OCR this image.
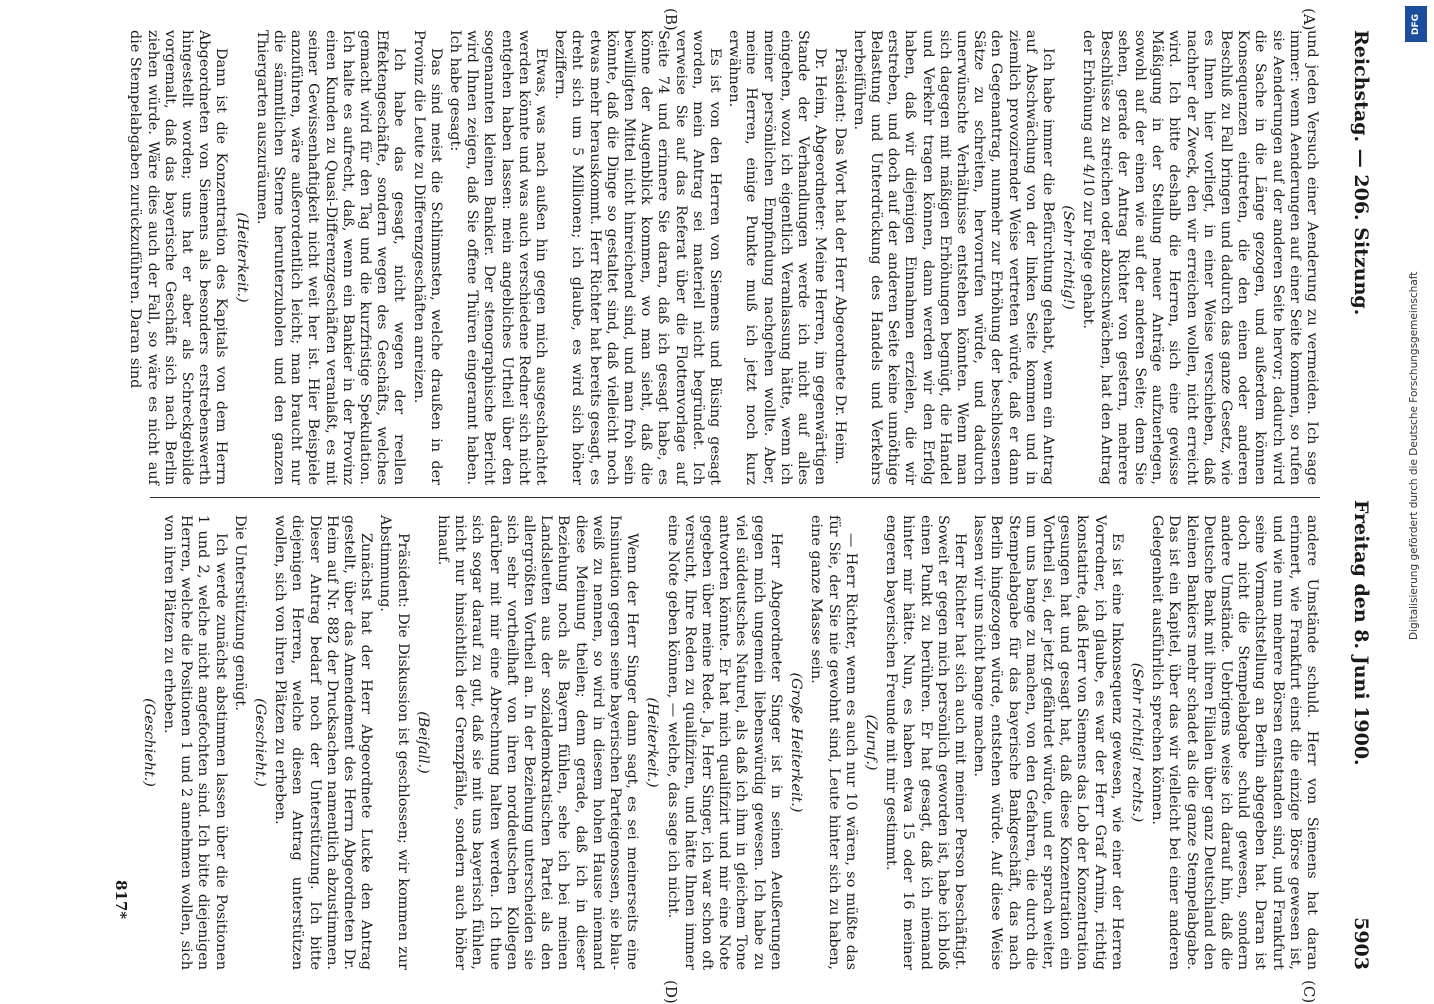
Reichstag. — 206. Sitzung.
Freitag den 8. Juni 1900.
5903
(A)
(B)
(C)
(D)

und jeden Versuch einer Aenderung zu vermeiden. Ich sage immer: wenn Aenderungen auf einer Seite kommen, so rufen sie Aenderungen auf der anderen Seite hervor; dadurch wird die Sache in die Länge gezogen, und außerdem können Konsequenzen eintreten, die den einen oder anderen Beschluß zu Fall bringen und dadurch das ganze Gesetz, wie es Ihnen hier vorliegt, in einer Weise verschieben, daß nachher der Zweck, den wir erreichen wollen, nicht erreicht wird. Ich bitte deshalb die Herren, sich eine gewisse Mäßigung in der Stellung neuer Anträge aufzuerlegen, sowohl auf der einen wie auf der anderen Seite; denn Sie sehen, gerade der Antrag Richter von gestern, mehrere Beschlüsse zu streichen oder abzuschwächen, hat den Antrag der Erhöhung auf 4/10 zur Folge gehabt.

(Sehr richtig!)

Ich habe immer die Befürchtung gehabt, wenn ein Antrag auf Abschwächung von der linken Seite kommen und in ziemlich provozirender Weise vertreten würde, daß er dann den Gegenantrag, nunmehr zur Erhöhung der beschlossenen Sätze zu schreiten, hervorrufen würde, und dadurch unerwünschte Verhältnisse entstehen könnten. Wenn man sich dagegen mit mäßigen Erhöhungen begnügt, die Handel und Verkehr tragen können, dann werden wir den Erfolg haben, daß wir diejenigen Einnahmen erzielen, die wir erstreben, und doch auf der anderen Seite keine unnöthige Belastung und Unterdrückung des Handels und Verkehrs herbeiführen.

Präsident: Das Wort hat der Herr Abgeordnete Dr. Heim.

Dr. Heim, Abgeordneter: Meine Herren, im gegenwärtigen Stande der Verhandlungen werde ich nicht auf alles eingehen, wozu ich eigentlich Veranlassung hätte, wenn ich meiner persönlichen Empfindung nachgehen wollte. Aber, meine Herren, einige Punkte muß ich jetzt noch kurz erwähnen.

Es ist von den Herren von Siemens und Büsing gesagt worden, mein Antrag sei materiell nicht begründet. Ich verweise Sie auf das Referat über die Flottenvorlage auf Seite 74 und erinnere Sie daran, daß ich gesagt habe, es könne der Augenblick kommen, wo man sieht, daß die bewilligten Mittel nicht hinreichend sind, und man froh sein könnte, daß die Dinge so gestaltet sind, daß vielleicht noch etwas mehr herauskommt. Herr Richter hat bereits gesagt, es dreht sich um 5 Millionen; ich glaube, es wird sich höher beziffern.

Etwas, was nach außen hin gegen mich ausgeschlachtet werden könnte und was auch verschiedene Redner sich nicht entgehen haben lassen: mein angebliches Urtheil über den sogenannten kleinen Bankier. Der stenographische Bericht wird Ihnen zeigen, daß Sie offene Thüren eingerannt haben. Ich habe gesagt:

Das sind meist die Schlimmsten, welche draußen in der Provinz die Leute zu Differenzgeschäften anreizen.

Ich habe das gesagt, nicht wegen der reellen Effektengeschäfte, sondern wegen des Geschäfts, welches gemacht wird für den Tag und die kurzfristige Spekulation. Ich halte es aufrecht, daß, wenn ein Bankier in der Provinz einen Kunden zu Quasi-Differenzgeschäften veranlaßt, es mit seiner Gewissenhaftigkeit nicht weit her ist. Hier Beispiele anzuführen, wäre außerordentlich leicht; man braucht nur die sämmtlichen Sterne herunterzuholen und den ganzen Thiergarten auszuräumen.

(Heiterkeit.)

Dann ist die Konzentration des Kapitals von dem Herrn Abgeordneten von Siemens als besonders erstrebenswerth hingestellt worden; uns hat er aber als Schreckgebilde vorgemalt, daß das bayerische Geschäft sich nach Berlin ziehen würde. Wäre dies auch der Fall, so wäre es nicht auf die Stempelabgaben zurückzuführen. Daran sind

andere Umstände schuld. Herr von Siemens hat daran erinnert, wie Frankfurt einst die einzige Börse gewesen ist, und wie nun mehrere Börsen entstanden sind, und Frankfurt seine Vormachtstellung an Berlin abgegeben hat. Daran ist doch nicht die Stempelabgabe schuld gewesen, sondern andere Umstände. Uebrigens weise ich darauf hin, daß die Deutsche Bank mit ihren Filialen über ganz Deutschland den kleinen Bankiers mehr schadet als die ganze Stempelabgabe. Das ist ein Kapitel, über das wir vielleicht bei einer anderen Gelegenheit ausführlich sprechen können.

(Sehr richtig! rechts.)

Es ist eine Inkonsequenz gewesen, wie einer der Herren Vorredner, ich glaube, es war der Herr Graf Arnim, richtig konstatirte, daß Herr von Siemens das Lob der Konzentration gesungen hat und gesagt hat, daß diese Konzentration ein Vortheil sei, der jetzt gefährdet würde, und er sprach weiter, um uns bange zu machen, von den Gefahren, die durch die Stempelabgabe für das bayerische Bankgeschäft, das nach Berlin hingezogen würde, entstehen würde. Auf diese Weise lassen wir uns nicht bange machen.

Herr Richter hat sich auch mit meiner Person beschäftigt. Soweit er gegen mich persönlich geworden ist, habe ich bloß einen Punkt zu berühren. Er hat gesagt, daß ich niemand hinter mir hätte. Nun, es haben etwa 15 oder 16 meiner engeren bayerischen Freunde mit mir gestimmt.

(Zuruf.)

— Herr Richter, wenn es auch nur 10 wären, so müßte das für Sie, der Sie nie gewohnt sind, Leute hinter sich zu haben, eine ganze Masse sein.

(Große Heiterkeit.)

Herr Abgeordneter Singer ist in seinen Aeußerungen gegen mich ungemein liebenswürdig gewesen. Ich habe zu viel süddeutsches Naturel, als daß ich ihm in gleichem Tone antworten könnte. Er hat mich qualifizirt und mir eine Note gegeben über meine Rede. Ja, Herr Singer, ich war schon oft versucht, Ihre Reden zu qualifiziren, und hätte Ihnen immer eine Note geben können, — welche, das sage ich nicht.

(Heiterkeit.)

Wenn der Herr Singer dann sagt, es sei meinerseits eine Insinuation gegen seine bayerischen Parteigenossen, sie blau-weiß zu nennen, so wird in diesem hohen Hause niemand diese Meinung theilen; denn gerade, daß ich in dieser Beziehung noch als Bayern fühlen, sehe ich bei meinen Landsleuten aus der sozialdemokratischen Partei als den allergrößten Vortheil an. In der Beziehung unterscheiden sie sich sehr vortheilhaft von ihren norddeutschen Kollegen darüber mit mir eine Abrechnung halten werden. Ich thue sich sogar darauf zu gut, daß sie mit uns bayerisch fühlen, nicht nur hinsichtlich der Grenzpfähle, sondern auch höher hinauf.

(Beifall.)

Präsident: Die Diskussion ist geschlossen; wir kommen zur Abstimmung.

Zunächst hat der Herr Abgeordnete Lucke den Antrag gestellt, über das Amendement des Herrn Abgeordneten Dr. Heim auf Nr. 882 der Drucksachen namentlich abzustimmen. Dieser Antrag bedarf noch der Unterstützung. Ich bitte diejenigen Herren, welche diesen Antrag unterstützen wollen, sich von ihren Plätzen zu erheben.

(Geschieht.)

Die Unterstützung genügt.

Ich werde zunächst abstimmen lassen über die Positionen 1 und 2, welche nicht angefochten sind. Ich bitte diejenigen Herren, welche die Positionen 1 und 2 annehmen wollen, sich von ihren Plätzen zu erheben.

(Geschieht.)

817*
DFG
Digitalisierung gefördert durch die Deutsche Forschungsgemeinschaft
